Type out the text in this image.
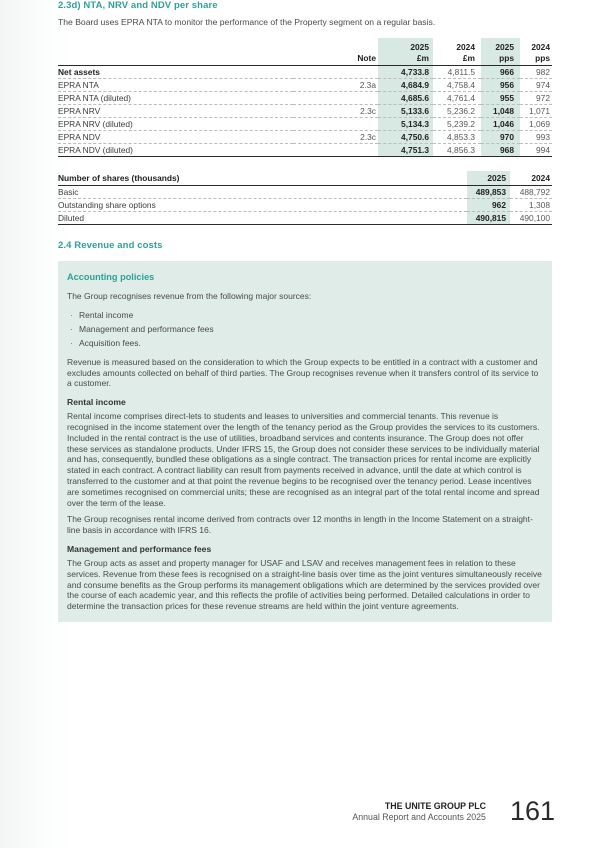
2.3d) NTA, NRV and NDV per share

The Board uses EPRA NTA to monitor the performance of the Property segment on a regular basis.

		2025	2024	2025	2024
	Note	£m	£m	pps	pps
Net assets		4,733.8	4,811.5	966	982
EPRA NTA	2.3a	4,684.9	4,758.4	956	974
EPRA NTA (diluted)		4,685.6	4,761.4	955	972
EPRA NRV	2.3c	5,133.6	5,236.2	1,048	1,071
EPRA NRV (diluted)		5,134.3	5,239.2	1,046	1,069
EPRA NDV	2.3c	4,750.6	4,853.3	970	993
EPRA NDV (diluted)		4,751.3	4,856.3	968	994
Number of shares (thousands)	2025	2024
Basic	489,853	488,792
Outstanding share options	962	1,308
Diluted	490,815	490,100
2.4 Revenue and costs
Accounting policies

The Group recognises revenue from the following major sources:

· Rental income
· Management and performance fees
· Acquisition fees.

Revenue is measured based on the consideration to which the Group expects to be entitled in a contract with a customer and excludes amounts collected on behalf of third parties. The Group recognises revenue when it transfers control of its service to a customer.

Rental income

Rental income comprises direct-lets to students and leases to universities and commercial tenants. This revenue is recognised in the income statement over the length of the tenancy period as the Group provides the services to its customers. Included in the rental contract is the use of utilities, broadband services and contents insurance. The Group does not offer these services as standalone products. Under IFRS 15, the Group does not consider these services to be individually material and has, consequently, bundled these obligations as a single contract. The transaction prices for rental income are explicitly stated in each contract. A contract liability can result from payments received in advance, until the date at which control is transferred to the customer and at that point the revenue begins to be recognised over the tenancy period. Lease incentives are sometimes recognised on commercial units; these are recognised as an integral part of the total rental income and spread over the term of the lease.

The Group recognises rental income derived from contracts over 12 months in length in the Income Statement on a straight-line basis in accordance with IFRS 16.

Management and performance fees

The Group acts as asset and property manager for USAF and LSAV and receives management fees in relation to these services. Revenue from these fees is recognised on a straight-line basis over time as the joint ventures simultaneously receive and consume benefits as the Group performs its management obligations which are determined by the services provided over the course of each academic year, and this reflects the profile of activities being performed. Detailed calculations in order to determine the transaction prices for these revenue streams are held within the joint venture agreements.

THE UNITE GROUP PLC
Annual Report and Accounts 2025 161
